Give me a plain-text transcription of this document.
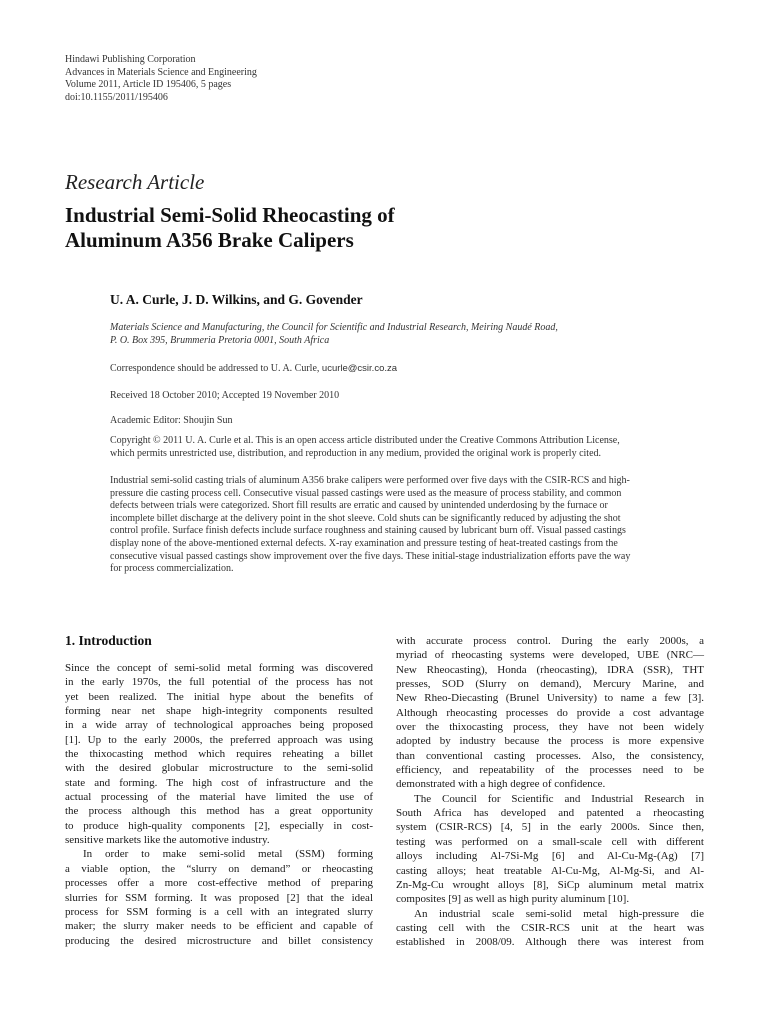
Hindawi Publishing Corporation
Advances in Materials Science and Engineering
Volume 2011, Article ID 195406, 5 pages
doi:10.1155/2011/195406
Research Article
Industrial Semi-Solid Rheocasting of
Aluminum A356 Brake Calipers
U. A. Curle, J. D. Wilkins, and G. Govender
Materials Science and Manufacturing, the Council for Scientific and Industrial Research, Meiring Naudé Road,
P. O. Box 395, Brummeria Pretoria 0001, South Africa
Correspondence should be addressed to U. A. Curle, ucurle@csir.co.za
Received 18 October 2010; Accepted 19 November 2010
Academic Editor: Shoujin Sun
Copyright © 2011 U. A. Curle et al. This is an open access article distributed under the Creative Commons Attribution License,
which permits unrestricted use, distribution, and reproduction in any medium, provided the original work is properly cited.
Industrial semi-solid casting trials of aluminum A356 brake calipers were performed over five days with the CSIR-RCS and high-
pressure die casting process cell. Consecutive visual passed castings were used as the measure of process stability, and common
defects between trials were categorized. Short fill results are erratic and caused by unintended underdosing by the furnace or
incomplete billet discharge at the delivery point in the shot sleeve. Cold shuts can be significantly reduced by adjusting the shot
control profile. Surface finish defects include surface roughness and staining caused by lubricant burn off. Visual passed castings
display none of the above-mentioned external defects. X-ray examination and pressure testing of heat-treated castings from the
consecutive visual passed castings show improvement over the five days. These initial-stage industrialization efforts pave the way
for process commercialization.
1. Introduction
Since the concept of semi-solid metal forming was discovered
in the early 1970s, the full potential of the process has not
yet been realized. The initial hype about the benefits of
forming near net shape high-integrity components resulted
in a wide array of technological approaches being proposed
[1]. Up to the early 2000s, the preferred approach was using
the thixocasting method which requires reheating a billet
with the desired globular microstructure to the semi-solid
state and forming. The high cost of infrastructure and the
actual processing of the material have limited the use of
the process although this method has a great opportunity
to produce high-quality components [2], especially in cost-
sensitive markets like the automotive industry.
In order to make semi-solid metal (SSM) forming
a viable option, the “slurry on demand” or rheocasting
processes offer a more cost-effective method of preparing
slurries for SSM forming. It was proposed [2] that the ideal
process for SSM forming is a cell with an integrated slurry
maker; the slurry maker needs to be efficient and capable of
producing the desired microstructure and billet consistency
with accurate process control. During the early 2000s, a
myriad of rheocasting systems were developed, UBE (NRC—
New Rheocasting), Honda (rheocasting), IDRA (SSR), THT
presses, SOD (Slurry on demand), Mercury Marine, and
New Rheo-Diecasting (Brunel University) to name a few [3].
Although rheocasting processes do provide a cost advantage
over the thixocasting process, they have not been widely
adopted by industry because the process is more expensive
than conventional casting processes. Also, the consistency,
efficiency, and repeatability of the processes need to be
demonstrated with a high degree of confidence.
The Council for Scientific and Industrial Research in
South Africa has developed and patented a rheocasting
system (CSIR-RCS) [4, 5] in the early 2000s. Since then,
testing was performed on a small-scale cell with different
alloys including Al-7Si-Mg [6] and Al-Cu-Mg-(Ag) [7]
casting alloys; heat treatable Al-Cu-Mg, Al-Mg-Si, and Al-
Zn-Mg-Cu wrought alloys [8], SiCp aluminum metal matrix
composites [9] as well as high purity aluminum [10].
An industrial scale semi-solid metal high-pressure die
casting cell with the CSIR-RCS unit at the heart was
established in 2008/09. Although there was interest from
